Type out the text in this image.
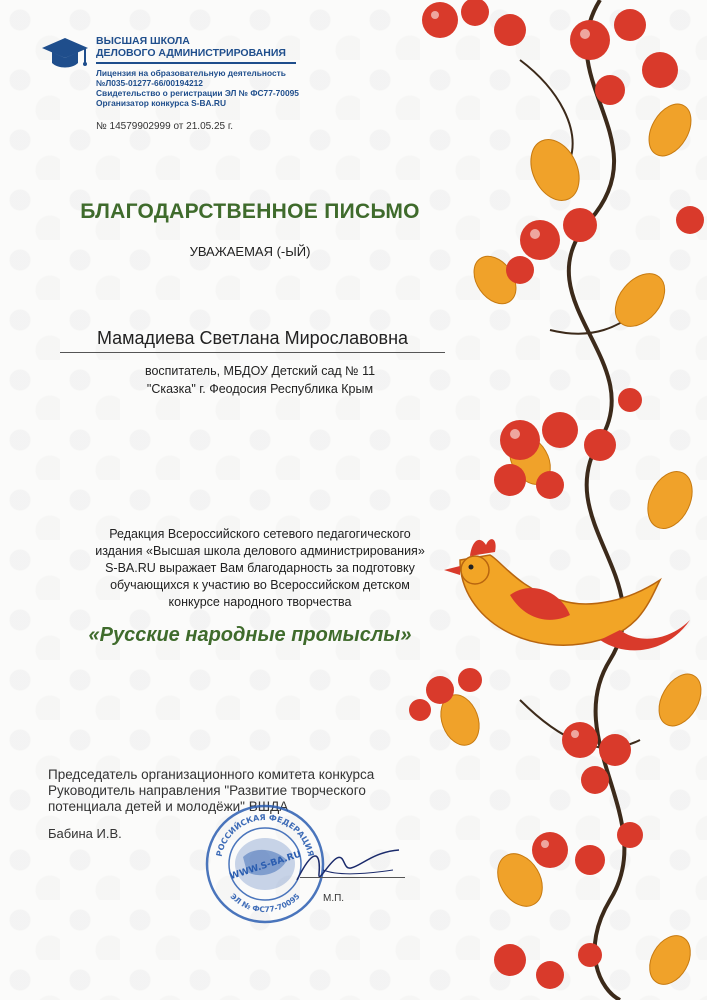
ВЫСШАЯ ШКОЛА
ДЕЛОВОГО АДМИНИСТРИРОВАНИЯ
Лицензия на образовательную деятельность
№Л035-01277-66/00194212
Свидетельство о регистрации ЭЛ № ФС77-70095
Организатор конкурса S-BA.RU
№ 14579902999 от 21.05.25 г.
БЛАГОДАРСТВЕННОЕ ПИСЬМО
УВАЖАЕМАЯ (-ЫЙ)
Мамадиева Светлана Мирославовна
воспитатель, МБДОУ Детский сад № 11
"Сказка" г. Феодосия Республика Крым
Редакция Всероссийского сетевого педагогического
издания «Высшая школа делового администрирования»
S-BA.RU выражает Вам благодарность за подготовку
обучающихся к участию во Всероссийском детском
конкурсе народного творчества
«Русские народные промыслы»
Председатель организационного комитета конкурса
Руководитель направления "Развитие творческого
потенциала детей и молодёжи" ВШДА
Бабина И.В.
РОССИЙСКАЯ ФЕДЕРАЦИЯ
WWW.S-BA.RU
ЭЛ № ФС77-70095 М.П.
